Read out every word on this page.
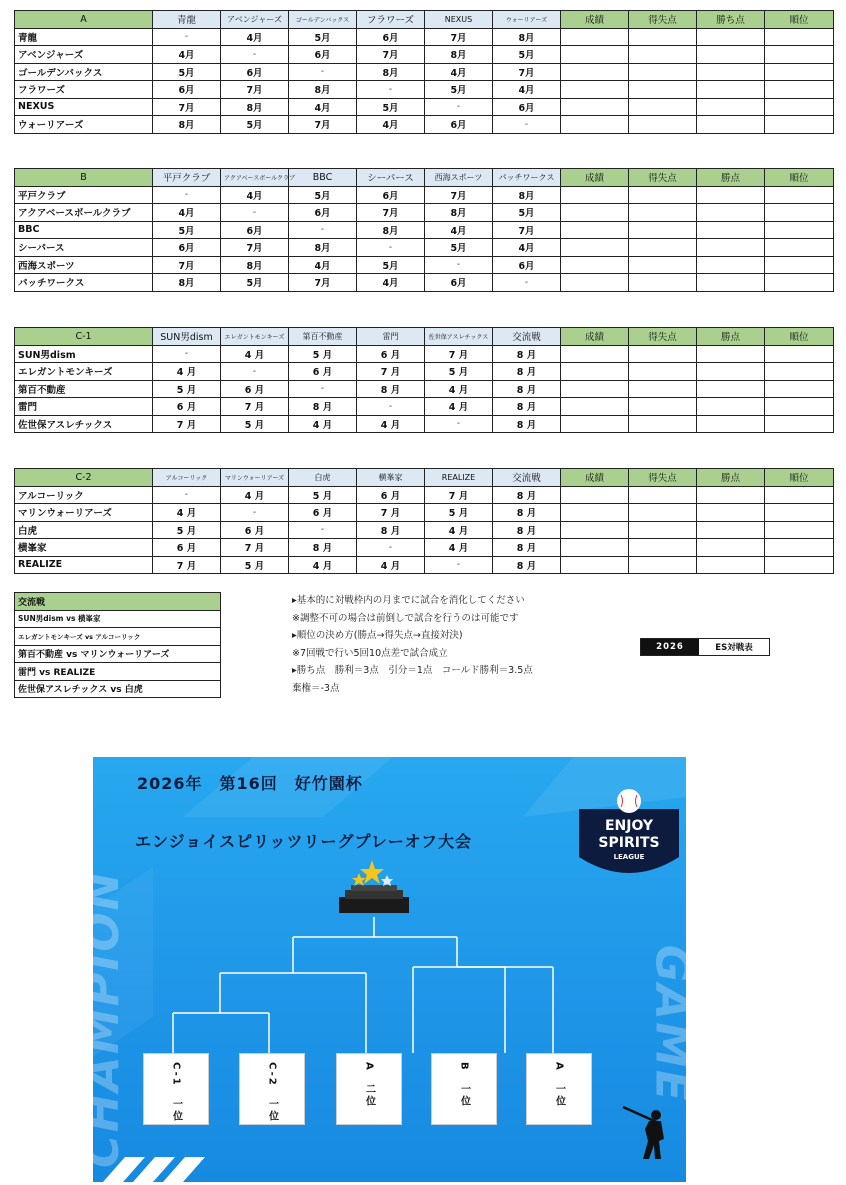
A	青龍	アベンジャーズ	ゴールデンバックス	フラワーズ	NEXUS	ウォーリアーズ	成績	得失点	勝ち点	順位
青龍	-	4月	5月	6月	7月	8月				
アベンジャーズ	4月	-	6月	7月	8月	5月				
ゴールデンバックス	5月	6月	-	8月	4月	7月				
フラワーズ	6月	7月	8月	-	5月	4月				
NEXUS	7月	8月	4月	5月	-	6月				
ウォーリアーズ	8月	5月	7月	4月	6月	-				
B	平戸クラブ	アクアベースボールクラブ	BBC	シーパース	西海スポーツ	パッチワークス	成績	得失点	勝点	順位
平戸クラブ	-	4月	5月	6月	7月	8月				
アクアベースボールクラブ	4月	-	6月	7月	8月	5月				
BBC	5月	6月	-	8月	4月	7月				
シーパース	6月	7月	8月	-	5月	4月				
西海スポーツ	7月	8月	4月	5月	-	6月				
パッチワークス	8月	5月	7月	4月	6月	-				
C-1	SUN男dism	エレガントモンキーズ	第百不動産	雷門	佐世保アスレチックス	交流戦	成績	得失点	勝点	順位
SUN男dism	-	4 月	5 月	6 月	7 月	8 月				
エレガントモンキーズ	4 月	-	6 月	7 月	5 月	8 月				
第百不動産	5 月	6 月	-	8 月	4 月	8 月				
雷門	6 月	7 月	8 月	-	4 月	8 月				
佐世保アスレチックス	7 月	5 月	4 月	4 月	-	8 月				
C-2	アルコーリック	マリンウォーリアーズ	白虎	横峯家	REALIZE	交流戦	成績	得失点	勝点	順位
アルコーリック	-	4 月	5 月	6 月	7 月	8 月				
マリンウォーリアーズ	4 月	-	6 月	7 月	5 月	8 月				
白虎	5 月	6 月	-	8 月	4 月	8 月				
横峯家	6 月	7 月	8 月	-	4 月	8 月				
REALIZE	7 月	5 月	4 月	4 月	-	8 月				
交流戦
SUN男dism vs 横峯家
エレガントモンキーズ vs アルコーリック
第百不動産 vs マリンウォーリアーズ
雷門 vs REALIZE
佐世保アスレチックス vs 白虎
▸基本的に対戦枠内の月までに試合を消化してください
※調整不可の場合は前倒しで試合を行うのは可能です
▸順位の決め方(勝点→得失点→直接対決)
※7回戦で行い5回10点差で試合成立
▸勝ち点　勝利＝3点　引分＝1点　コールド勝利＝3.5点
棄権＝-3点
2026	ES対戦表
ENJOY
SPIRITS
LEAGUE
CHAMPION	GAME
2026年　第16回　好竹園杯
エンジョイスピリッツリーグプレーオフ大会
C-1　一位	C-2　一位	A　二位	B　一位	A　一位
